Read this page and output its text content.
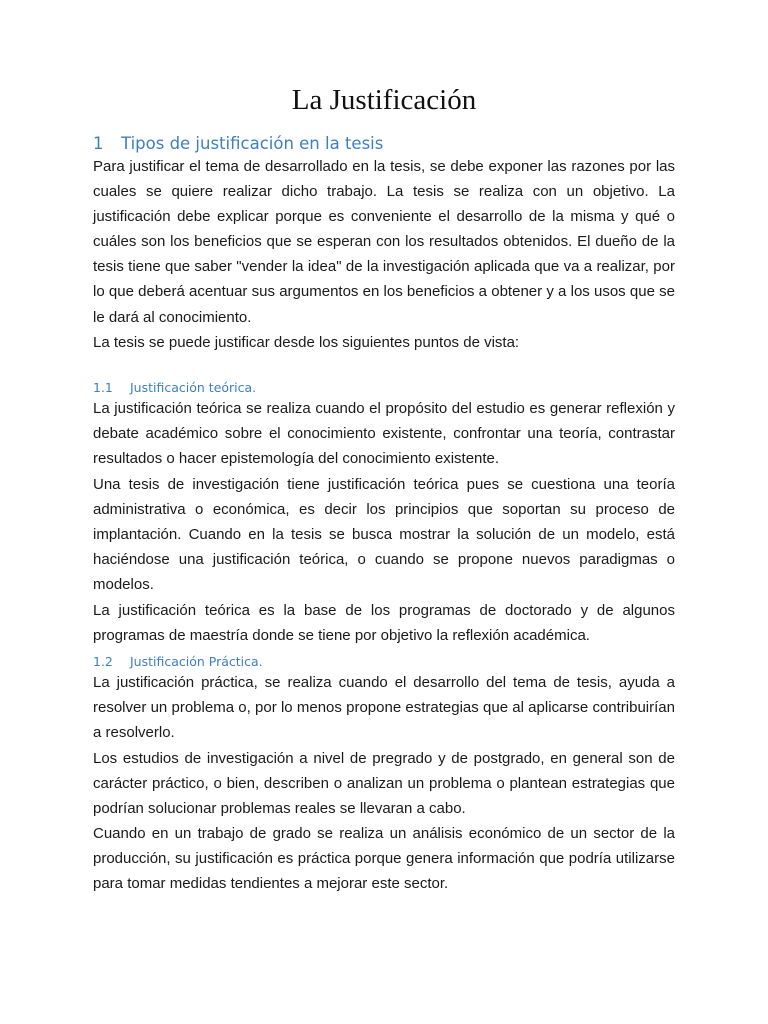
La Justificación
1 Tipos de justificación en la tesis

Para justificar el tema de desarrollado en la tesis, se debe exponer las razones por las cuales se quiere realizar dicho trabajo. La tesis se realiza con un objetivo. La justificación debe explicar porque es conveniente el desarrollo de la misma y qué o cuáles son los beneficios que se esperan con los resultados obtenidos. El dueño de la tesis tiene que saber "vender la idea" de la investigación aplicada que va a realizar, por lo que deberá acentuar sus argumentos en los beneficios a obtener y a los usos que se le dará al conocimiento.

La tesis se puede justificar desde los siguientes puntos de vista:

1.1 Justificación teórica.

La justificación teórica se realiza cuando el propósito del estudio es generar reflexión y debate académico sobre el conocimiento existente, confrontar una teoría, contrastar resultados o hacer epistemología del conocimiento existente.

Una tesis de investigación tiene justificación teórica pues se cuestiona una teoría administrativa o económica, es decir los principios que soportan su proceso de implantación. Cuando en la tesis se busca mostrar la solución de un modelo, está haciéndose una justificación teórica, o cuando se propone nuevos paradigmas o modelos.

La justificación teórica es la base de los programas de doctorado y de algunos programas de maestría donde se tiene por objetivo la reflexión académica.

1.2 Justificación Práctica.

La justificación práctica, se realiza cuando el desarrollo del tema de tesis, ayuda a resolver un problema o, por lo menos propone estrategias que al aplicarse contribuirían a resolverlo.

Los estudios de investigación a nivel de pregrado y de postgrado, en general son de carácter práctico, o bien, describen o analizan un problema o plantean estrategias que podrían solucionar problemas reales se llevaran a cabo.

Cuando en un trabajo de grado se realiza un análisis económico de un sector de la producción, su justificación es práctica porque genera información que podría utilizarse para tomar medidas tendientes a mejorar este sector.
